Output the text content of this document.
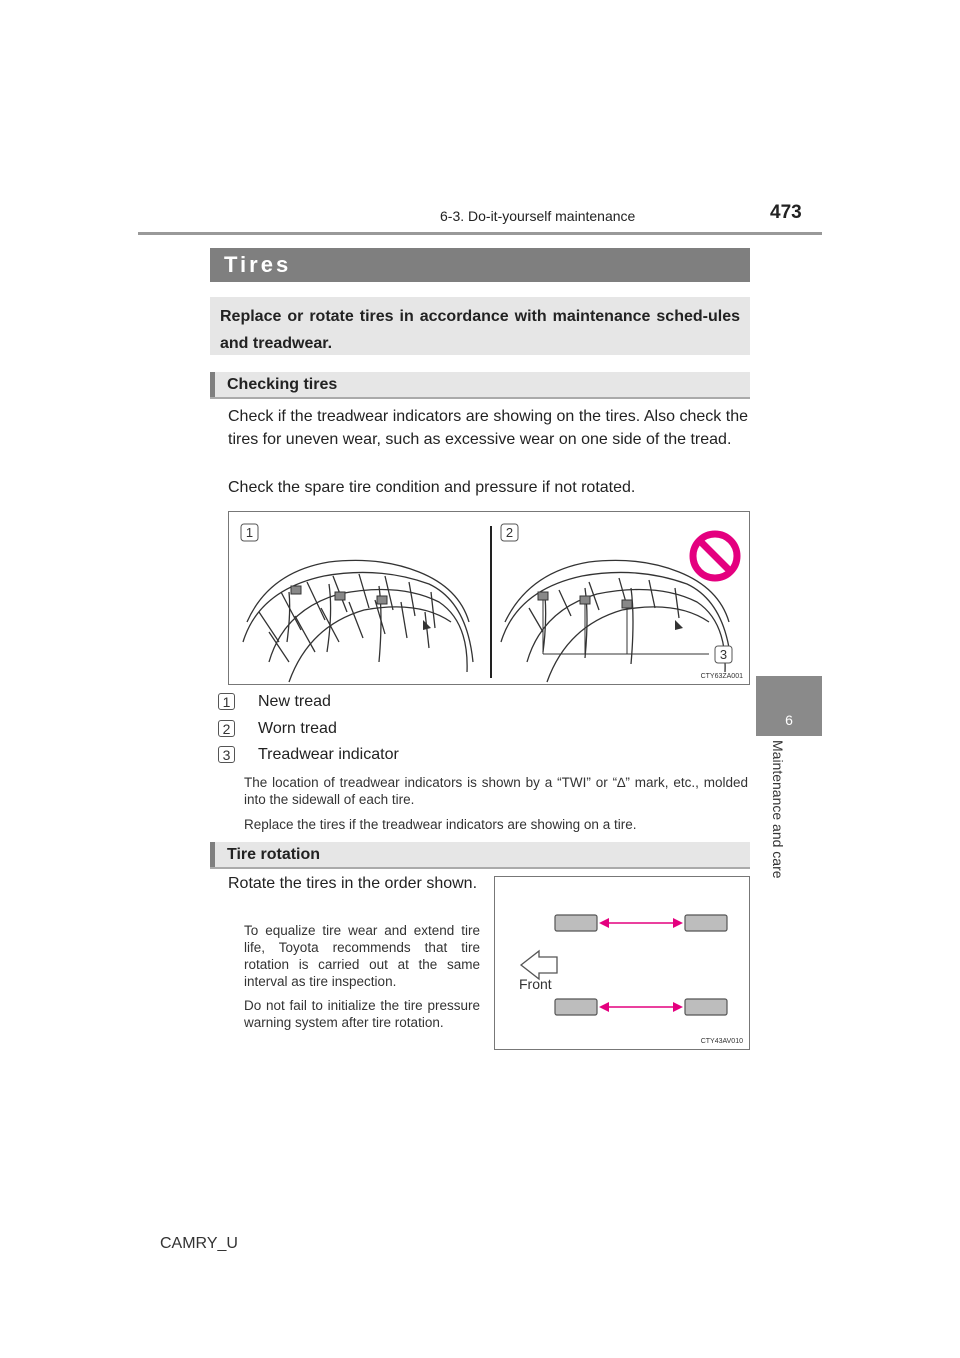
6-3. Do-it-yourself maintenance	473
6
Maintenance and care
Tires
Replace or rotate tires in accordance with maintenance sched-ules and treadwear.
Checking tires
Check if the treadwear indicators are showing on the tires. Also check the tires for uneven wear, such as excessive wear on one side of the tread.
Check the spare tire condition and pressure if not rotated.
1	2
3
CTY63ZA001
1 New tread
2 Worn tread
3 Treadwear indicator
The location of treadwear indicators is shown by a “TWI” or “∆” mark, etc., molded into the sidewall of each tire.
Replace the tires if the treadwear indicators are showing on a tire.
Tire rotation
Rotate the tires in the order shown.
To equalize tire wear and extend tire life, Toyota recommends that tire rotation is carried out at the same interval as tire inspection.
Do not fail to initialize the tire pressure warning system after tire rotation.
Front
CTY43AV010
CAMRY_U
